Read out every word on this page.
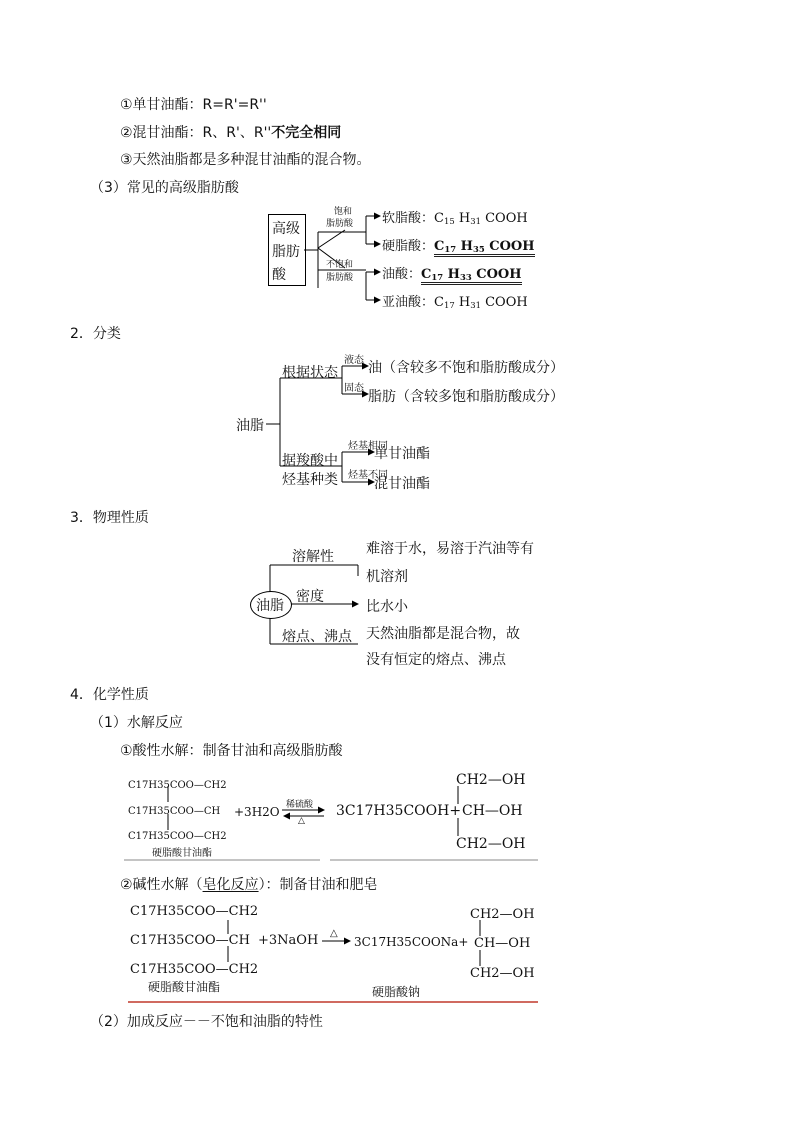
①单甘油酯：R=R'=R''
②混甘油酯：R、R'、R''不完全相同
③天然油脂都是多种混甘油酯的混合物。
（3）常见的高级脂肪酸
高级
脂肪
酸
饱和
脂肪酸
不饱和
脂肪酸
软脂酸：$C_{15}$ $H_{31}$ COOH
硬脂酸：$C_{17}$ $H_{35}$ COOH
油酸：$C_{17}$ $H_{33}$ COOH
亚油酸：$C_{17}$ $H_{31}$ COOH
2．分类
油脂
根据状态
液态
固态
油（含较多不饱和脂肪酸成分）
脂肪（含较多饱和脂肪酸成分）
据羧酸中
烃基种类
烃基相同
烃基不同
单甘油酯
混甘油酯
3．物理性质
油脂
溶解性 难溶于水，易溶于汽油等有
机溶剂
密度
比水小
熔点、沸点 天然油脂都是混合物，故
没有恒定的熔点、沸点
4．化学性质
（1）水解反应
①酸性水解：制备甘油和高级脂肪酸
C17H35COO—CH2
C17H35COO—CH
C17H35COO—CH2
硬脂酸甘油酯
+3H2O 稀硫酸
△
3C17H35COOH+
CH2—OH
CH—OH
CH2—OH
②碱性水解（皂化反应）：制备甘油和肥皂
C17H35COO—CH2
C17H35COO—CH
C17H35COO—CH2
硬脂酸甘油酯
+3NaOH △
3C17H35COONa+
硬脂酸钠
CH2—OH
CH—OH
CH2—OH
（2）加成反应－－不饱和油脂的特性
